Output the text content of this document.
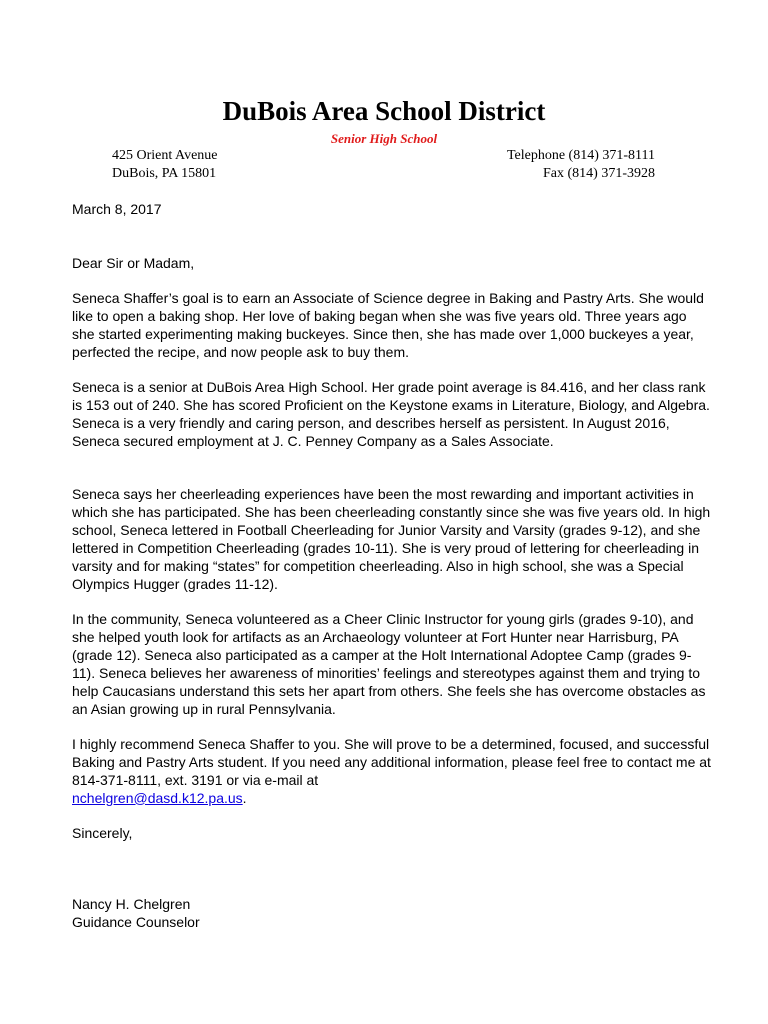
DuBois Area School District
Senior High School
425 Orient Avenue
DuBois, PA 15801
Telephone (814) 371-8111
Fax (814) 371-3928

March 8, 2017

Dear Sir or Madam,

Seneca Shaffer’s goal is to earn an Associate of Science degree in Baking and Pastry Arts. She would like to open a baking shop. Her love of baking began when she was five years old. Three years ago she started experimenting making buckeyes. Since then, she has made over 1,000 buckeyes a year, perfected the recipe, and now people ask to buy them.

Seneca is a senior at DuBois Area High School. Her grade point average is 84.416, and her class rank is 153 out of 240. She has scored Proficient on the Keystone exams in Literature, Biology, and Algebra. Seneca is a very friendly and caring person, and describes herself as persistent. In August 2016, Seneca secured employment at J. C. Penney Company as a Sales Associate.

Seneca says her cheerleading experiences have been the most rewarding and important activities in which she has participated. She has been cheerleading constantly since she was five years old. In high school, Seneca lettered in Football Cheerleading for Junior Varsity and Varsity (grades 9-12), and she lettered in Competition Cheerleading (grades 10-11). She is very proud of lettering for cheerleading in varsity and for making “states” for competition cheerleading. Also in high school, she was a Special Olympics Hugger (grades 11-12).

In the community, Seneca volunteered as a Cheer Clinic Instructor for young girls (grades 9-10), and she helped youth look for artifacts as an Archaeology volunteer at Fort Hunter near Harrisburg, PA (grade 12). Seneca also participated as a camper at the Holt International Adoptee Camp (grades 9-11). Seneca believes her awareness of minorities’ feelings and stereotypes against them and trying to help Caucasians understand this sets her apart from others. She feels she has overcome obstacles as an Asian growing up in rural Pennsylvania.

I highly recommend Seneca Shaffer to you. She will prove to be a determined, focused, and successful Baking and Pastry Arts student. If you need any additional information, please feel free to contact me at 814-371-8111, ext. 3191 or via e-mail at
nchelgren@dasd.k12.pa.us.

Sincerely,

Nancy H. Chelgren

Guidance Counselor
